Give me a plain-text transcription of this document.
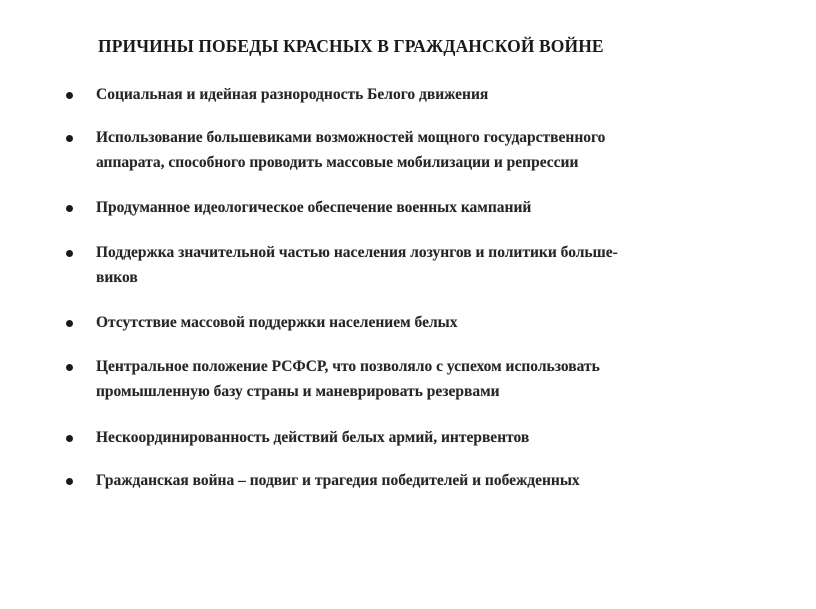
ПРИЧИНЫ ПОБЕДЫ КРАСНЫХ В ГРАЖДАНСКОЙ ВОЙНЕ
Социальная и идейная разнородность Белого движения
Использование большевиками возможностей мощного государственного
аппарата, способного проводить массовые мобилизации и репрессии
Продуманное идеологическое обеспечение военных кампаний
Поддержка значительной частью населения лозунгов и политики больше-
виков
Отсутствие массовой поддержки населением белых
Центральное положение РСФСР, что позволяло с успехом использовать
промышленную базу страны и маневрировать резервами
Нескоординированность действий белых армий, интервентов
Гражданская война – подвиг и трагедия победителей и побежденных
